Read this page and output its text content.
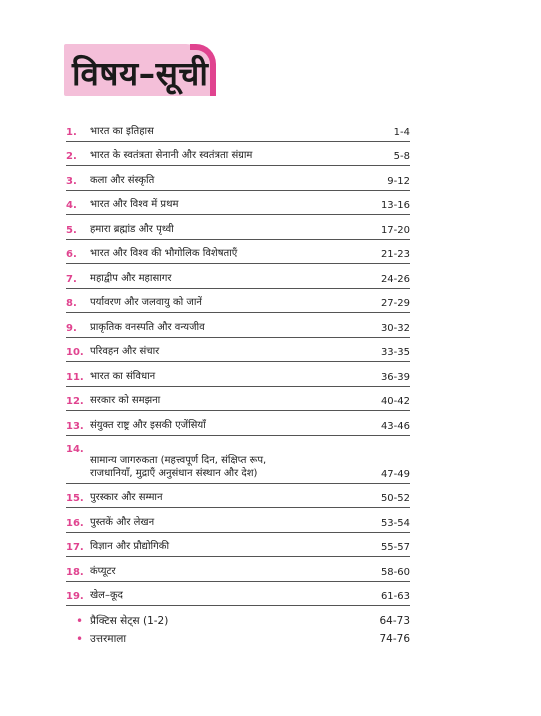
विषय–सूची
1.	भारत का इतिहास	1-4
2.	भारत के स्वतंत्रता सेनानी और स्वतंत्रता संग्राम	5-8
3.	कला और संस्कृति	9-12
4.	भारत और विश्व में प्रथम	13-16
5.	हमारा ब्रह्मांड और पृथ्वी	17-20
6.	भारत और विश्व की भौगोलिक विशेषताएँ	21-23
7.	महाद्वीप और महासागर	24-26
8.	पर्यावरण और जलवायु को जानें	27-29
9.	प्राकृतिक वनस्पति और वन्यजीव	30-32
10. परिवहन और संचार	33-35
11. भारत का संविधान	36-39
12. सरकार को समझना	40-42
13. संयुक्त राष्ट्र और इसकी एजेंसियाँ	43-46
14.
सामान्य जागरुकता (महत्त्वपूर्ण दिन, संक्षिप्त रूप, राजधानियाँ, मुद्राएँ अनुसंधान संस्थान और देश)	47-49
15. पुरस्कार और सम्मान	50-52
16. पुस्तकें और लेखन	53-54
17. विज्ञान और प्रौद्योगिकी	55-57
18. कंप्यूटर	58-60
19. खेल–कूद	61-63
• प्रैक्टिस सेट्स (1-2)	64-73
• उत्तरमाला	74-76
